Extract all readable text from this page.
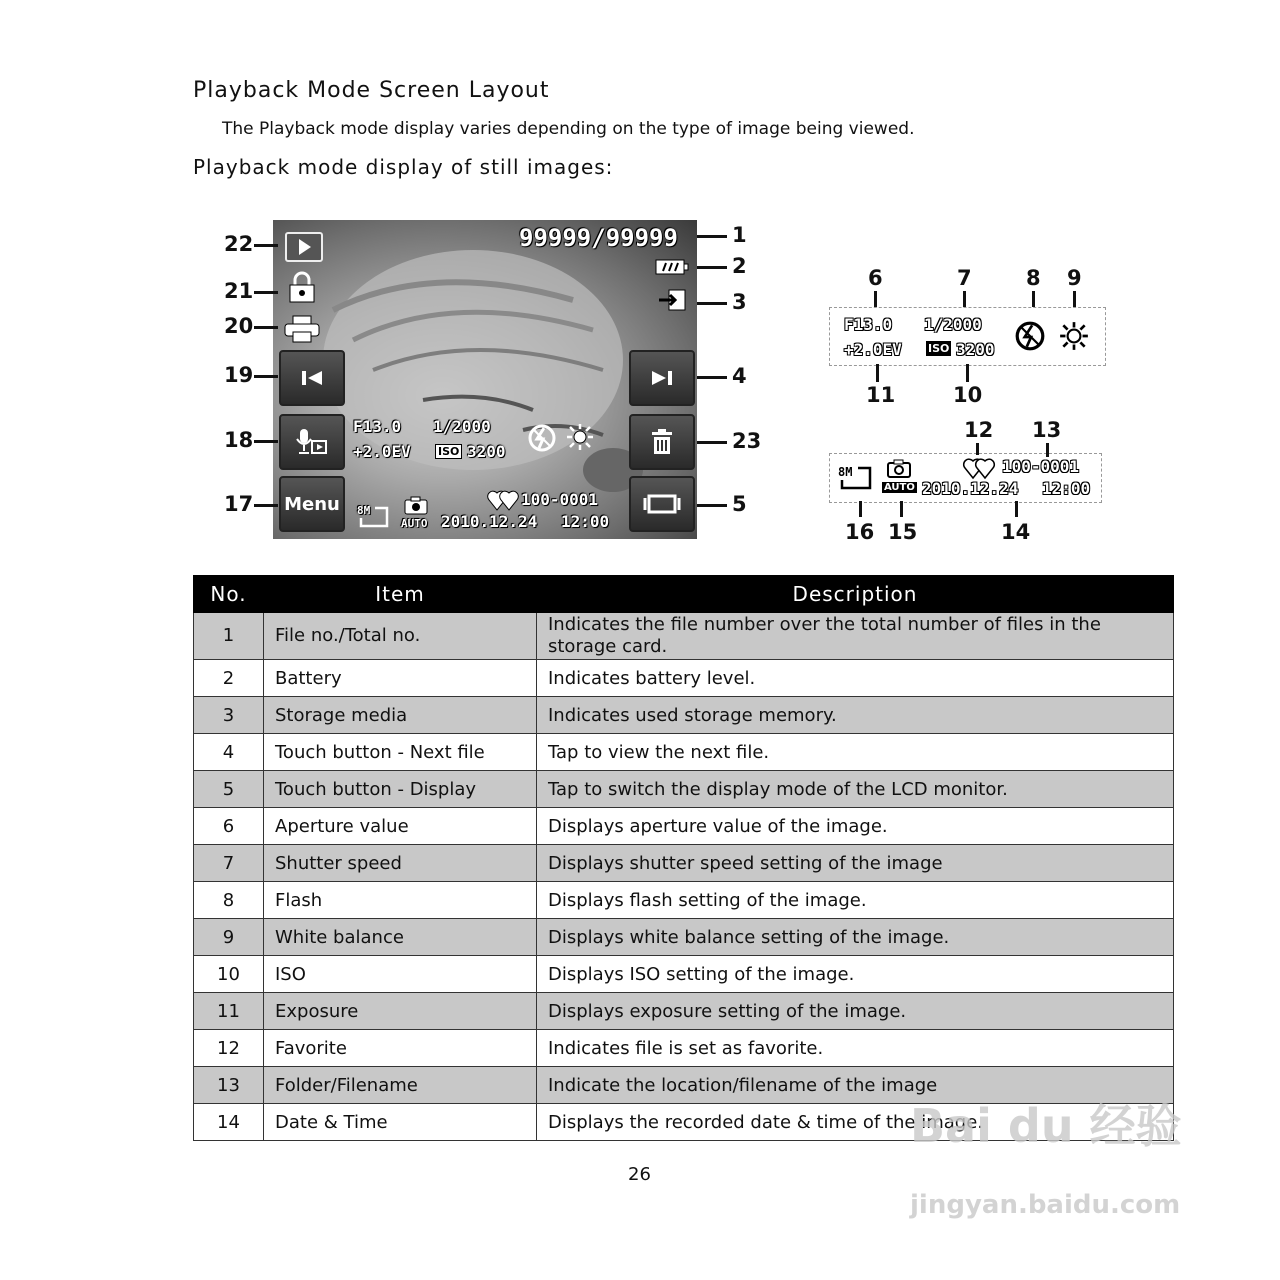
Playback Mode Screen Layout
The Playback mode display varies depending on the type of image being viewed.
Playback mode display of still images:
99999/99999
Menu
F13.0 1/2000
+2.0EV ISO 3200
100-0001
8M
AUTO 2010.12.24 12:00
1
2
3
4
23
5
22
21
20
19
18
17
F13.0 1/2000
+2.0EV ISO 3200
6	7	8 9
11	10
8M
AUTO
100-0001
2010.12.24 12:00
12 13
16 15	14
No.	Item	Description
1	File no./Total no.	Indicates the file number over the total number of files in the storage card.
2	Battery	Indicates battery level.
3	Storage media	Indicates used storage memory.
4	Touch button - Next file	Tap to view the next file.
5	Touch button - Display	Tap to switch the display mode of the LCD monitor.
6	Aperture value	Displays aperture value of the image.
7	Shutter speed	Displays shutter speed setting of the image
8	Flash	Displays flash setting of the image.
9	White balance	Displays white balance setting of the image.
10	ISO	Displays ISO setting of the image.
11	Exposure	Displays exposure setting of the image.
12	Favorite	Indicates file is set as favorite.
13	Folder/Filename	Indicate the location/filename of the image
14	Date & Time	Displays the recorded date & time of the image.
26
Bai du 经验
jingyan.baidu.com
